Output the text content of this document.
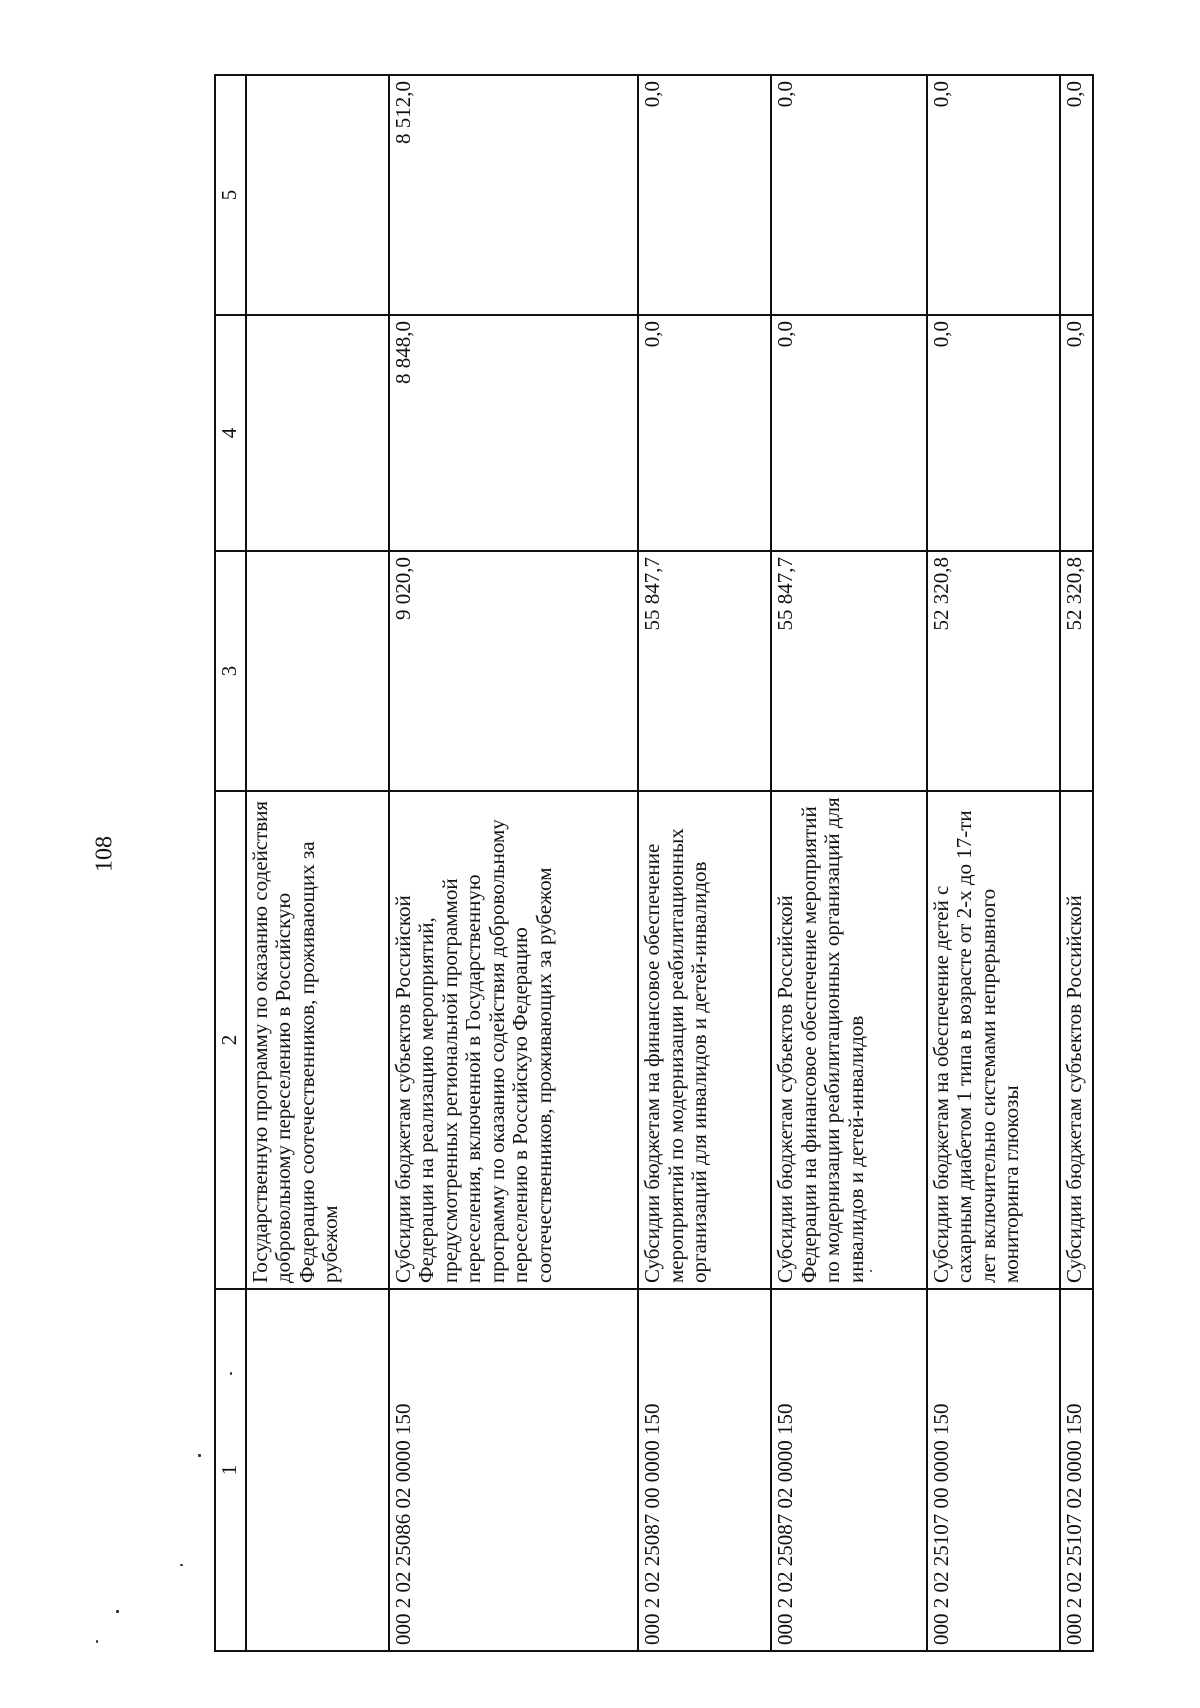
108
1	2	3	4	5
	Государственную программу по оказанию содействия добровольному переселению в Российскую Федерацию соотечественников, проживающих за рубежом			
000 2 02 25086 02 0000 150	Субсидии бюджетам субъектов Российской Федерации на реализацию мероприятий, предусмотренных региональной программой переселения, включенной в Государственную программу по оказанию содействия добровольному переселению в Российскую Федерацию соотечественников, проживающих за рубежом	9 020,0	8 848,0	8 512,0
000 2 02 25087 00 0000 150	Субсидии бюджетам на финансовое обеспечение мероприятий по модернизации реабилитационных организаций для инвалидов и детей-инвалидов	55 847,7	0,0	0,0
000 2 02 25087 02 0000 150	Субсидии бюджетам субъектов Российской Федерации на финансовое обеспечение мероприятий по модернизации реабилитационных организаций для инвалидов и детей-инвалидов	55 847,7	0,0	0,0
000 2 02 25107 00 0000 150	Субсидии бюджетам на обеспечение детей с сахарным диабетом 1 типа в возрасте от 2-х до 17-ти лет включительно системами непрерывного мониторинга глюкозы	52 320,8	0,0	0,0
000 2 02 25107 02 0000 150	Субсидии бюджетам субъектов Российской	52 320,8	0,0	0,0
